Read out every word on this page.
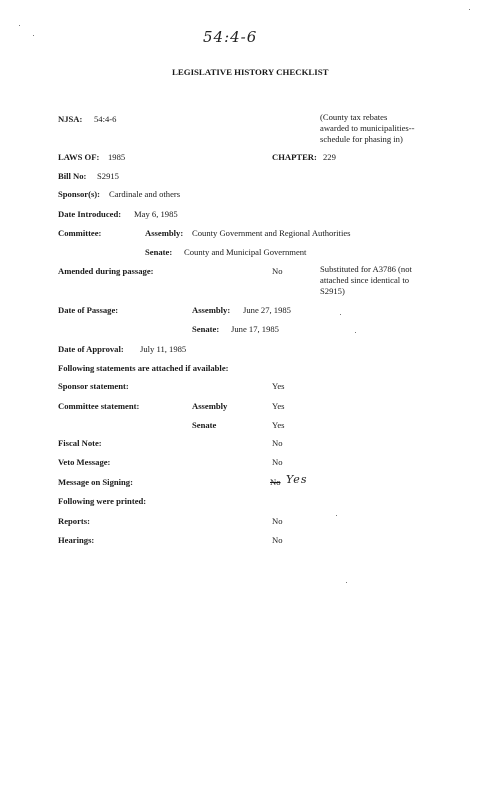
54:4-6
LEGISLATIVE HISTORY CHECKLIST
NJSA: 54:4-6	(County tax rebates
awarded to municipalities--
schedule for phasing in)
LAWS OF: 1985	CHAPTER: 229
Bill No: S2915
Sponsor(s): Cardinale and others
Date Introduced: May 6, 1985
Committee:	Assembly: County Government and Regional Authorities
Senate: County and Municipal Government
Amended during passage:	No	Substituted for A3786 (not
attached since identical to
S2915)
Date of Passage:	Assembly: June 27, 1985
Senate: June 17, 1985
Date of Approval: July 11, 1985
Following statements are attached if available:
Sponsor statement:	Yes
Committee statement:	Assembly	Yes
Senate	Yes
Fiscal Note:	No
Veto Message:	No
Message on Signing:	No Yes
Following were printed:
Reports:	No
Hearings:	No
